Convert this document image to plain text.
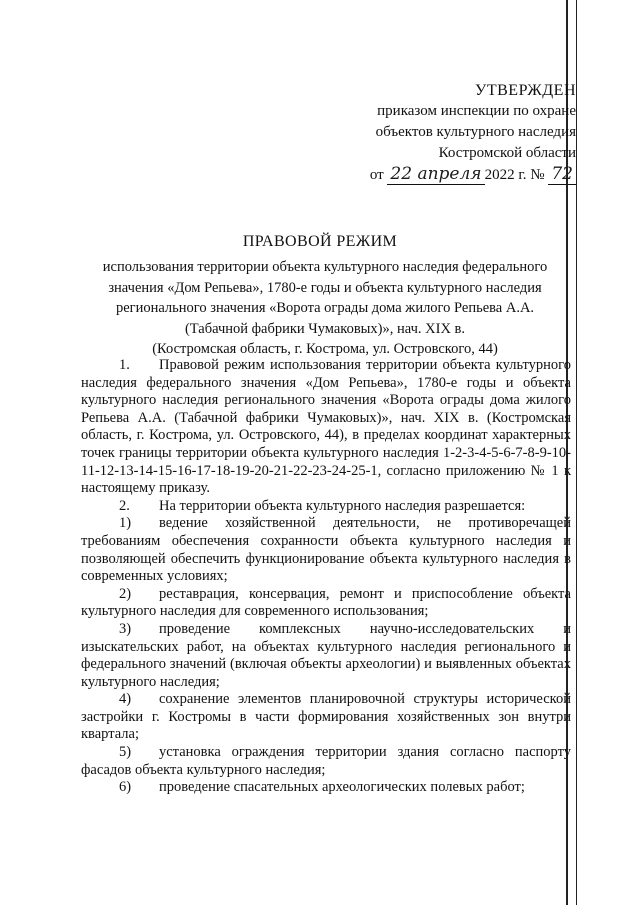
УТВЕРЖДЕН
приказом инспекции по охране
объектов культурного наследия
Костромской области
от 22 апреля 2022 г. № 72
ПРАВОВОЙ РЕЖИМ
использования территории объекта культурного наследия федерального
значения «Дом Репьева», 1780-е годы и объекта культурного наследия
регионального значения «Ворота ограды дома жилого Репьева А.А.
(Табачной фабрики Чумаковых)», нач. XIX в.
(Костромская область, г. Кострома, ул. Островского, 44)

1. Правовой режим использования территории объекта культурного наследия федерального значения «Дом Репьева», 1780-е годы и объекта культурного наследия регионального значения «Ворота ограды дома жилого Репьева А.А. (Табачной фабрики Чумаковых)», нач. XIX в. (Костромская область, г. Кострома, ул. Островского, 44), в пределах координат характерных точек границы территории объекта культурного наследия 1-2-3-4-5-6-7-8-9-10-11-12-13-14-15-16-17-18-19-20-21-22-23-24-25-1, согласно приложению № 1 к настоящему приказу.

2. На территории объекта культурного наследия разрешается:

1) ведение хозяйственной деятельности, не противоречащей требованиям обеспечения сохранности объекта культурного наследия и позволяющей обеспечить функционирование объекта культурного наследия в современных условиях;

2) реставрация, консервация, ремонт и приспособление объекта культурного наследия для современного использования;

3) проведение комплексных научно-исследовательских и изыскательских работ, на объектах культурного наследия регионального и федерального значений (включая объекты археологии) и выявленных объектах культурного наследия;

4) сохранение элементов планировочной структуры исторической застройки г. Костромы в части формирования хозяйственных зон внутри квартала;

5) установка ограждения территории здания согласно паспорту фасадов объекта культурного наследия;

6) проведение спасательных археологических полевых работ;
